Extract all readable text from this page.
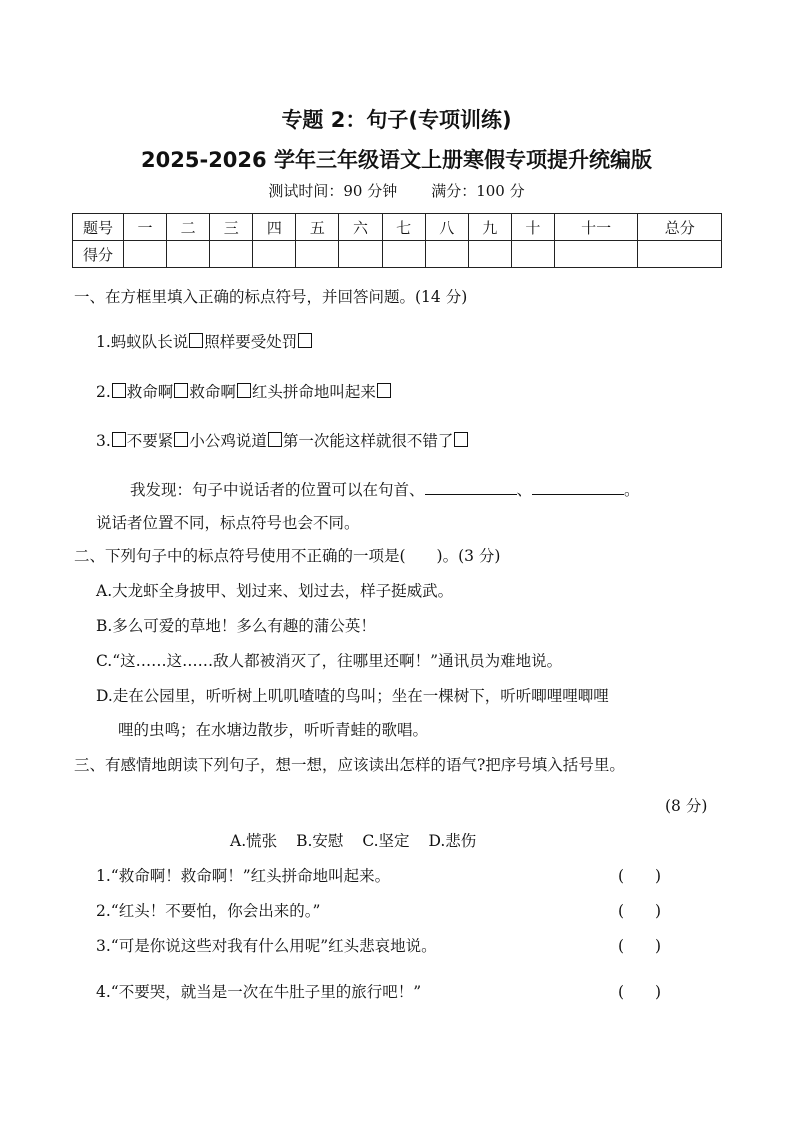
专题 2：句子(专项训练)
2025-2026 学年三年级语文上册寒假专项提升统编版
测试时间：90 分钟 满分：100 分
题号	一	二	三	四	五	六	七	八	九	十	十一	总分
得分												
一、在方框里填入正确的标点符号，并回答问题。(14 分)
1.蚂蚁队长说 照样要受处罚
2. 救命啊 救命啊 红头拼命地叫起来
3. 不要紧 小公鸡说道 第一次能这样就很不错了
我发现：句子中说话者的位置可以在句首、	、	。
说话者位置不同，标点符号也会不同。
二、下列句子中的标点符号使用不正确的一项是(　　)。(3 分)
A.大龙虾全身披甲、划过来、划过去，样子挺威武。
B.多么可爱的草地！多么有趣的蒲公英！
C.“这……这……敌人都被消灭了，往哪里还啊！”通讯员为难地说。
D.走在公园里，听听树上叽叽喳喳的鸟叫；坐在一棵树下，听听唧哩哩唧哩
哩的虫鸣；在水塘边散步，听听青蛙的歌唱。
三、有感情地朗读下列句子，想一想，应该读出怎样的语气?把序号填入括号里。
(8 分)
A.慌张 B.安慰 C.坚定 D.悲伤
1.“救命啊！救命啊！”红头拼命地叫起来。	(　　)
2.“红头！不要怕，你会出来的。”	(　　)
3.“可是你说这些对我有什么用呢”红头悲哀地说。	(　　)
4.“不要哭，就当是一次在牛肚子里的旅行吧！”	(　　)
